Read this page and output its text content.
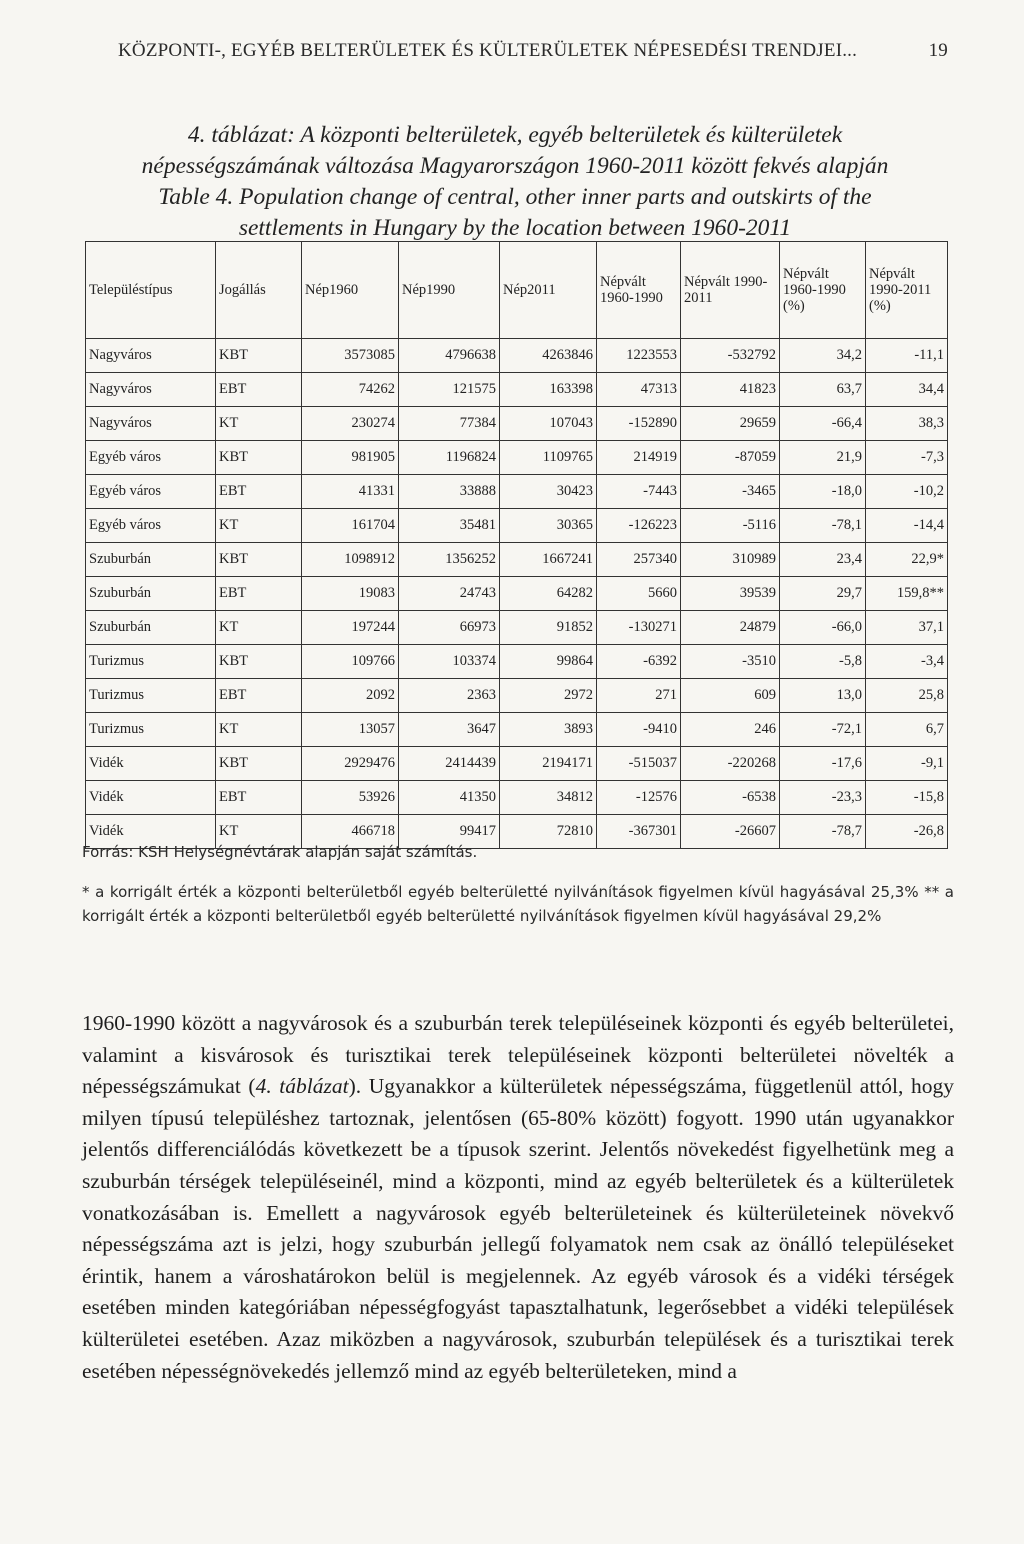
KÖZPONTI-, EGYÉB BELTERÜLETEK ÉS KÜLTERÜLETEK NÉPESEDÉSI TRENDJEI...	19
4. táblázat: A központi belterületek, egyéb belterületek és külterületek
népességszámának változása Magyarországon 1960-2011 között fekvés alapján
Table 4. Population change of central, other inner parts and outskirts of the
settlements in Hungary by the location between 1960-2011
Településtípus	Jogállás	Nép1960	Nép1990	Nép2011	Népvált 1960-1990	Népvált 1990-2011	Népvált 1960-1990 (%)	Népvált 1990-2011 (%)
Nagyváros	KBT	3573085	4796638	4263846	1223553	-532792	34,2	-11,1
Nagyváros	EBT	74262	121575	163398	47313	41823	63,7	34,4
Nagyváros	KT	230274	77384	107043	-152890	29659	-66,4	38,3
Egyéb város	KBT	981905	1196824	1109765	214919	-87059	21,9	-7,3
Egyéb város	EBT	41331	33888	30423	-7443	-3465	-18,0	-10,2
Egyéb város	KT	161704	35481	30365	-126223	-5116	-78,1	-14,4
Szuburbán	KBT	1098912	1356252	1667241	257340	310989	23,4	22,9*
Szuburbán	EBT	19083	24743	64282	5660	39539	29,7	159,8**
Szuburbán	KT	197244	66973	91852	-130271	24879	-66,0	37,1
Turizmus	KBT	109766	103374	99864	-6392	-3510	-5,8	-3,4
Turizmus	EBT	2092	2363	2972	271	609	13,0	25,8
Turizmus	KT	13057	3647	3893	-9410	246	-72,1	6,7
Vidék	KBT	2929476	2414439	2194171	-515037	-220268	-17,6	-9,1
Vidék	EBT	53926	41350	34812	-12576	-6538	-23,3	-15,8
Vidék	KT	466718	99417	72810	-367301	-26607	-78,7	-26,8
Forrás: KSH Helységnévtárak alapján saját számítás.
* a korrigált érték a központi belterületből egyéb belterületté nyilvánítások figyelmen kívül hagyásával 25,3% ** a korrigált érték a központi belterületből egyéb belterületté nyilvánítások figyelmen kívül hagyásával 29,2%
1960-1990 között a nagyvárosok és a szuburbán terek településeinek központi és egyéb belterületei, valamint a kisvárosok és turisztikai terek településeinek központi belterületei növelték a népességszámukat (4. táblázat). Ugyanakkor a külterületek népességszáma, függetlenül attól, hogy milyen típusú településhez tartoznak, jelentősen (65-80% között) fogyott. 1990 után ugyanakkor jelentős differenciálódás következett be a típusok szerint. Jelentős növekedést figyelhetünk meg a szuburbán térségek településeinél, mind a központi, mind az egyéb belterületek és a külterületek vonatkozásában is. Emellett a nagyvárosok egyéb belterületeinek és külterületeinek növekvő népességszáma azt is jelzi, hogy szuburbán jellegű folyamatok nem csak az önálló településeket érintik, hanem a városhatárokon belül is megjelennek. Az egyéb városok és a vidéki térségek esetében minden kategóriában népességfogyást tapasztalhatunk, legerősebbet a vidéki települések külterületei esetében. Azaz miközben a nagyvárosok, szuburbán települések és a turisztikai terek esetében népességnövekedés jellemző mind az egyéb belterületeken, mind a
